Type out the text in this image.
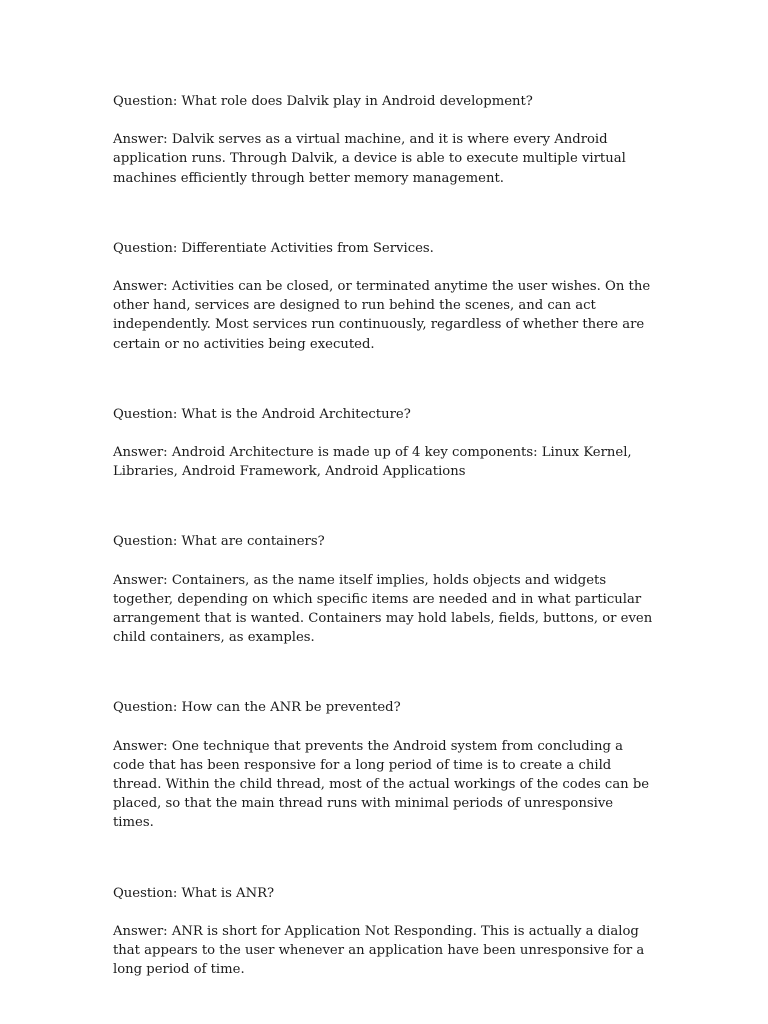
Question: What role does Dalvik play in Android development?

Answer: Dalvik serves as a virtual machine, and it is where every Android application runs. Through Dalvik, a device is able to execute multiple virtual machines efficiently through better memory management.

Question: Differentiate Activities from Services.

Answer: Activities can be closed, or terminated anytime the user wishes. On the other hand, services are designed to run behind the scenes, and can act independently. Most services run continuously, regardless of whether there are certain or no activities being executed.

Question: What is the Android Architecture?

Answer: Android Architecture is made up of 4 key components: Linux Kernel, Libraries, Android Framework, Android Applications

Question: What are containers?

Answer: Containers, as the name itself implies, holds objects and widgets together, depending on which specific items are needed and in what particular arrangement that is wanted. Containers may hold labels, fields, buttons, or even child containers, as examples.

Question: How can the ANR be prevented?

Answer: One technique that prevents the Android system from concluding a code that has been responsive for a long period of time is to create a child thread. Within the child thread, most of the actual workings of the codes can be placed, so that the main thread runs with minimal periods of unresponsive times.

Question: What is ANR?

Answer: ANR is short for Application Not Responding. This is actually a dialog that appears to the user whenever an application have been unresponsive for a long period of time.
